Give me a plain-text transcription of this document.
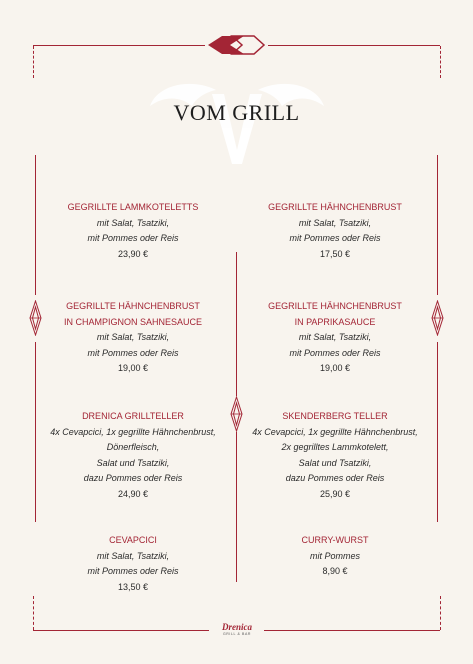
VOM GRILL
GEGRILLTE LAMMKOTELETTS
mit Salat, Tsatziki,
mit Pommes oder Reis
23,90 €
GEGRILLTE HÄHNCHENBRUST
mit Salat, Tsatziki,
mit Pommes oder Reis
17,50 €
GEGRILLTE HÄHNCHENBRUST
IN CHAMPIGNON SAHNESAUCE
mit Salat, Tsatziki,
mit Pommes oder Reis
19,00 €
GEGRILLTE HÄHNCHENBRUST
IN PAPRIKASAUCE
mit Salat, Tsatziki,
mit Pommes oder Reis
19,00 €
DRENICA GRILLTELLER
4x Cevapcici, 1x gegrillte Hähnchenbrust,
Dönerfleisch,
Salat und Tsatziki,
dazu Pommes oder Reis
24,90 €
SKENDERBERG TELLER
4x Cevapcici, 1x gegrillte Hähnchenbrust,
2x gegrilltes Lammkotelett,
Salat und Tsatziki,
dazu Pommes oder Reis
25,90 €
CEVAPCICI
mit Salat, Tsatziki,
mit Pommes oder Reis
13,50 €
CURRY-WURST
mit Pommes
8,90 €
Drenica
GRILL & BAR
